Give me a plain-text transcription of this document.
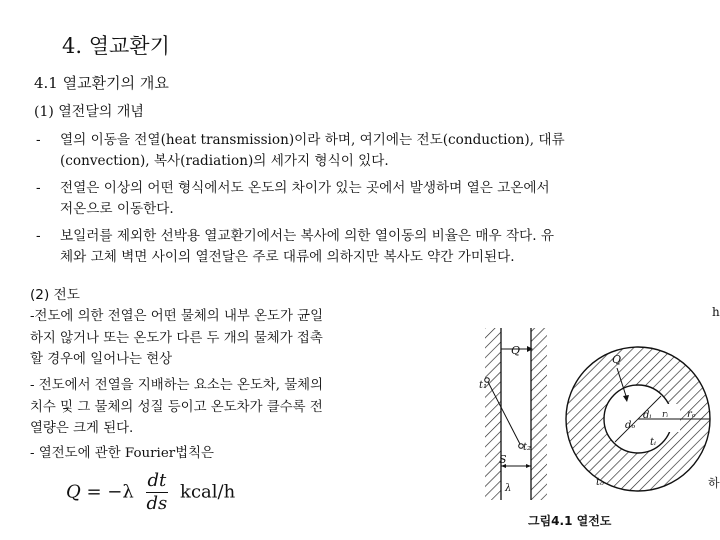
4. 열교환기
4.1 열교환기의 개요
(1) 열전달의 개념
- 열의 이동을 전열(heat transmission)이라 하며, 여기에는 전도(conduction), 대류
(convection), 복사(radiation)의 세가지 형식이 있다.
- 전열은 이상의 어떤 형식에서도 온도의 차이가 있는 곳에서 발생하며 열은 고온에서
저온으로 이동한다.
- 보일러를 제외한 선박용 열교환기에서는 복사에 의한 열이동의 비율은 매우 작다. 유
체와 고체 벽면 사이의 열전달은 주로 대류에 의하지만 복사도 약간 가미된다.
(2) 전도
-전도에 의한 전열은 어떤 물체의 내부 온도가 균일
하지 않거나 또는 온도가 다른 두 개의 물체가 접촉
할 경우에 일어나는 현상
- 전도에서 전열을 지배하는 요소는 온도차, 물체의
치수 및 그 물체의 성질 등이고 온도차가 클수록 전
열량은 크게 된다.
- 열전도에 관한 Fourier법칙은
$Q = -\lambda \frac{dt}{ds}$ kcal/h
Q
t₁
t₂
S
λ
Q
dₒ
dᵢ rᵢ rₒ
tᵢ
tₒ
그림4.1 열전도
h
하
